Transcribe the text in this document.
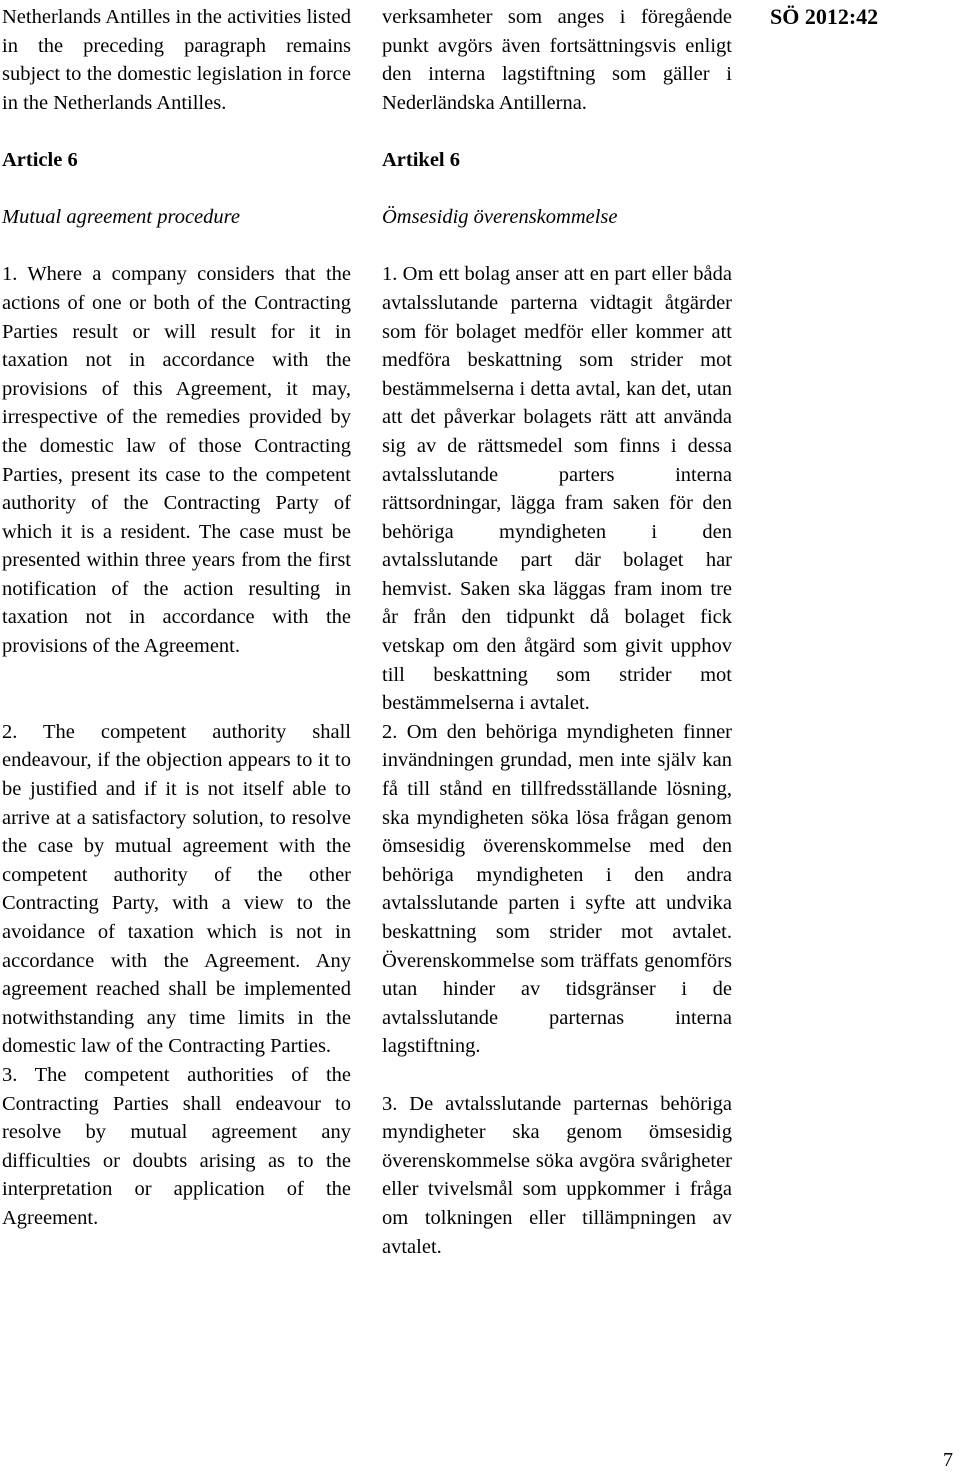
SÖ 2012:42

Netherlands Antilles in the activities listed in the preceding paragraph remains subject to the domestic legislation in force in the Netherlands Antilles.

Article 6

Mutual agreement procedure

1. Where a company considers that the actions of one or both of the Contracting Parties result or will result for it in taxation not in accordance with the provisions of this Agreement, it may, irrespective of the remedies provided by the domestic law of those Contracting Parties, present its case to the competent authority of the Contracting Party of which it is a resident. The case must be presented within three years from the first notification of the action resulting in taxation not in accordance with the provisions of the Agreement.

2. The competent authority shall endeavour, if the objection appears to it to be justified and if it is not itself able to arrive at a satisfactory solution, to resolve the case by mutual agreement with the competent authority of the other Contracting Party, with a view to the avoidance of taxation which is not in accordance with the Agreement. Any agreement reached shall be implemented notwithstanding any time limits in the domestic law of the Contracting Parties.

3. The competent authorities of the Contracting Parties shall endeavour to resolve by mutual agreement any difficulties or doubts arising as to the interpretation or application of the Agreement.

verksamheter som anges i föregående punkt avgörs även fortsättningsvis enligt den interna lagstiftning som gäller i Nederländska Antillerna.

Artikel 6

Ömsesidig överenskommelse

1. Om ett bolag anser att en part eller båda avtalsslutande parterna vidtagit åtgärder som för bolaget medför eller kommer att medföra beskattning som strider mot bestämmelserna i detta avtal, kan det, utan att det påverkar bolagets rätt att använda sig av de rättsmedel som finns i dessa avtalsslutande parters interna rättsordningar, lägga fram saken för den behöriga myndigheten i den avtalsslutande part där bolaget har hemvist. Saken ska läggas fram inom tre år från den tidpunkt då bolaget fick vetskap om den åtgärd som givit upphov till beskattning som strider mot bestämmelserna i avtalet.

2. Om den behöriga myndigheten finner invändningen grundad, men inte själv kan få till stånd en tillfredsställande lösning, ska myndigheten söka lösa frågan genom ömsesidig överenskommelse med den behöriga myndigheten i den andra avtalsslutande parten i syfte att undvika beskattning som strider mot avtalet. Överenskommelse som träffats genomförs utan hinder av tidsgränser i de avtalsslutande parternas interna lagstiftning.

3. De avtalsslutande parternas behöriga myndigheter ska genom ömsesidig överenskommelse söka avgöra svårigheter eller tvivelsmål som uppkommer i fråga om tolkningen eller tillämpningen av avtalet.

7
